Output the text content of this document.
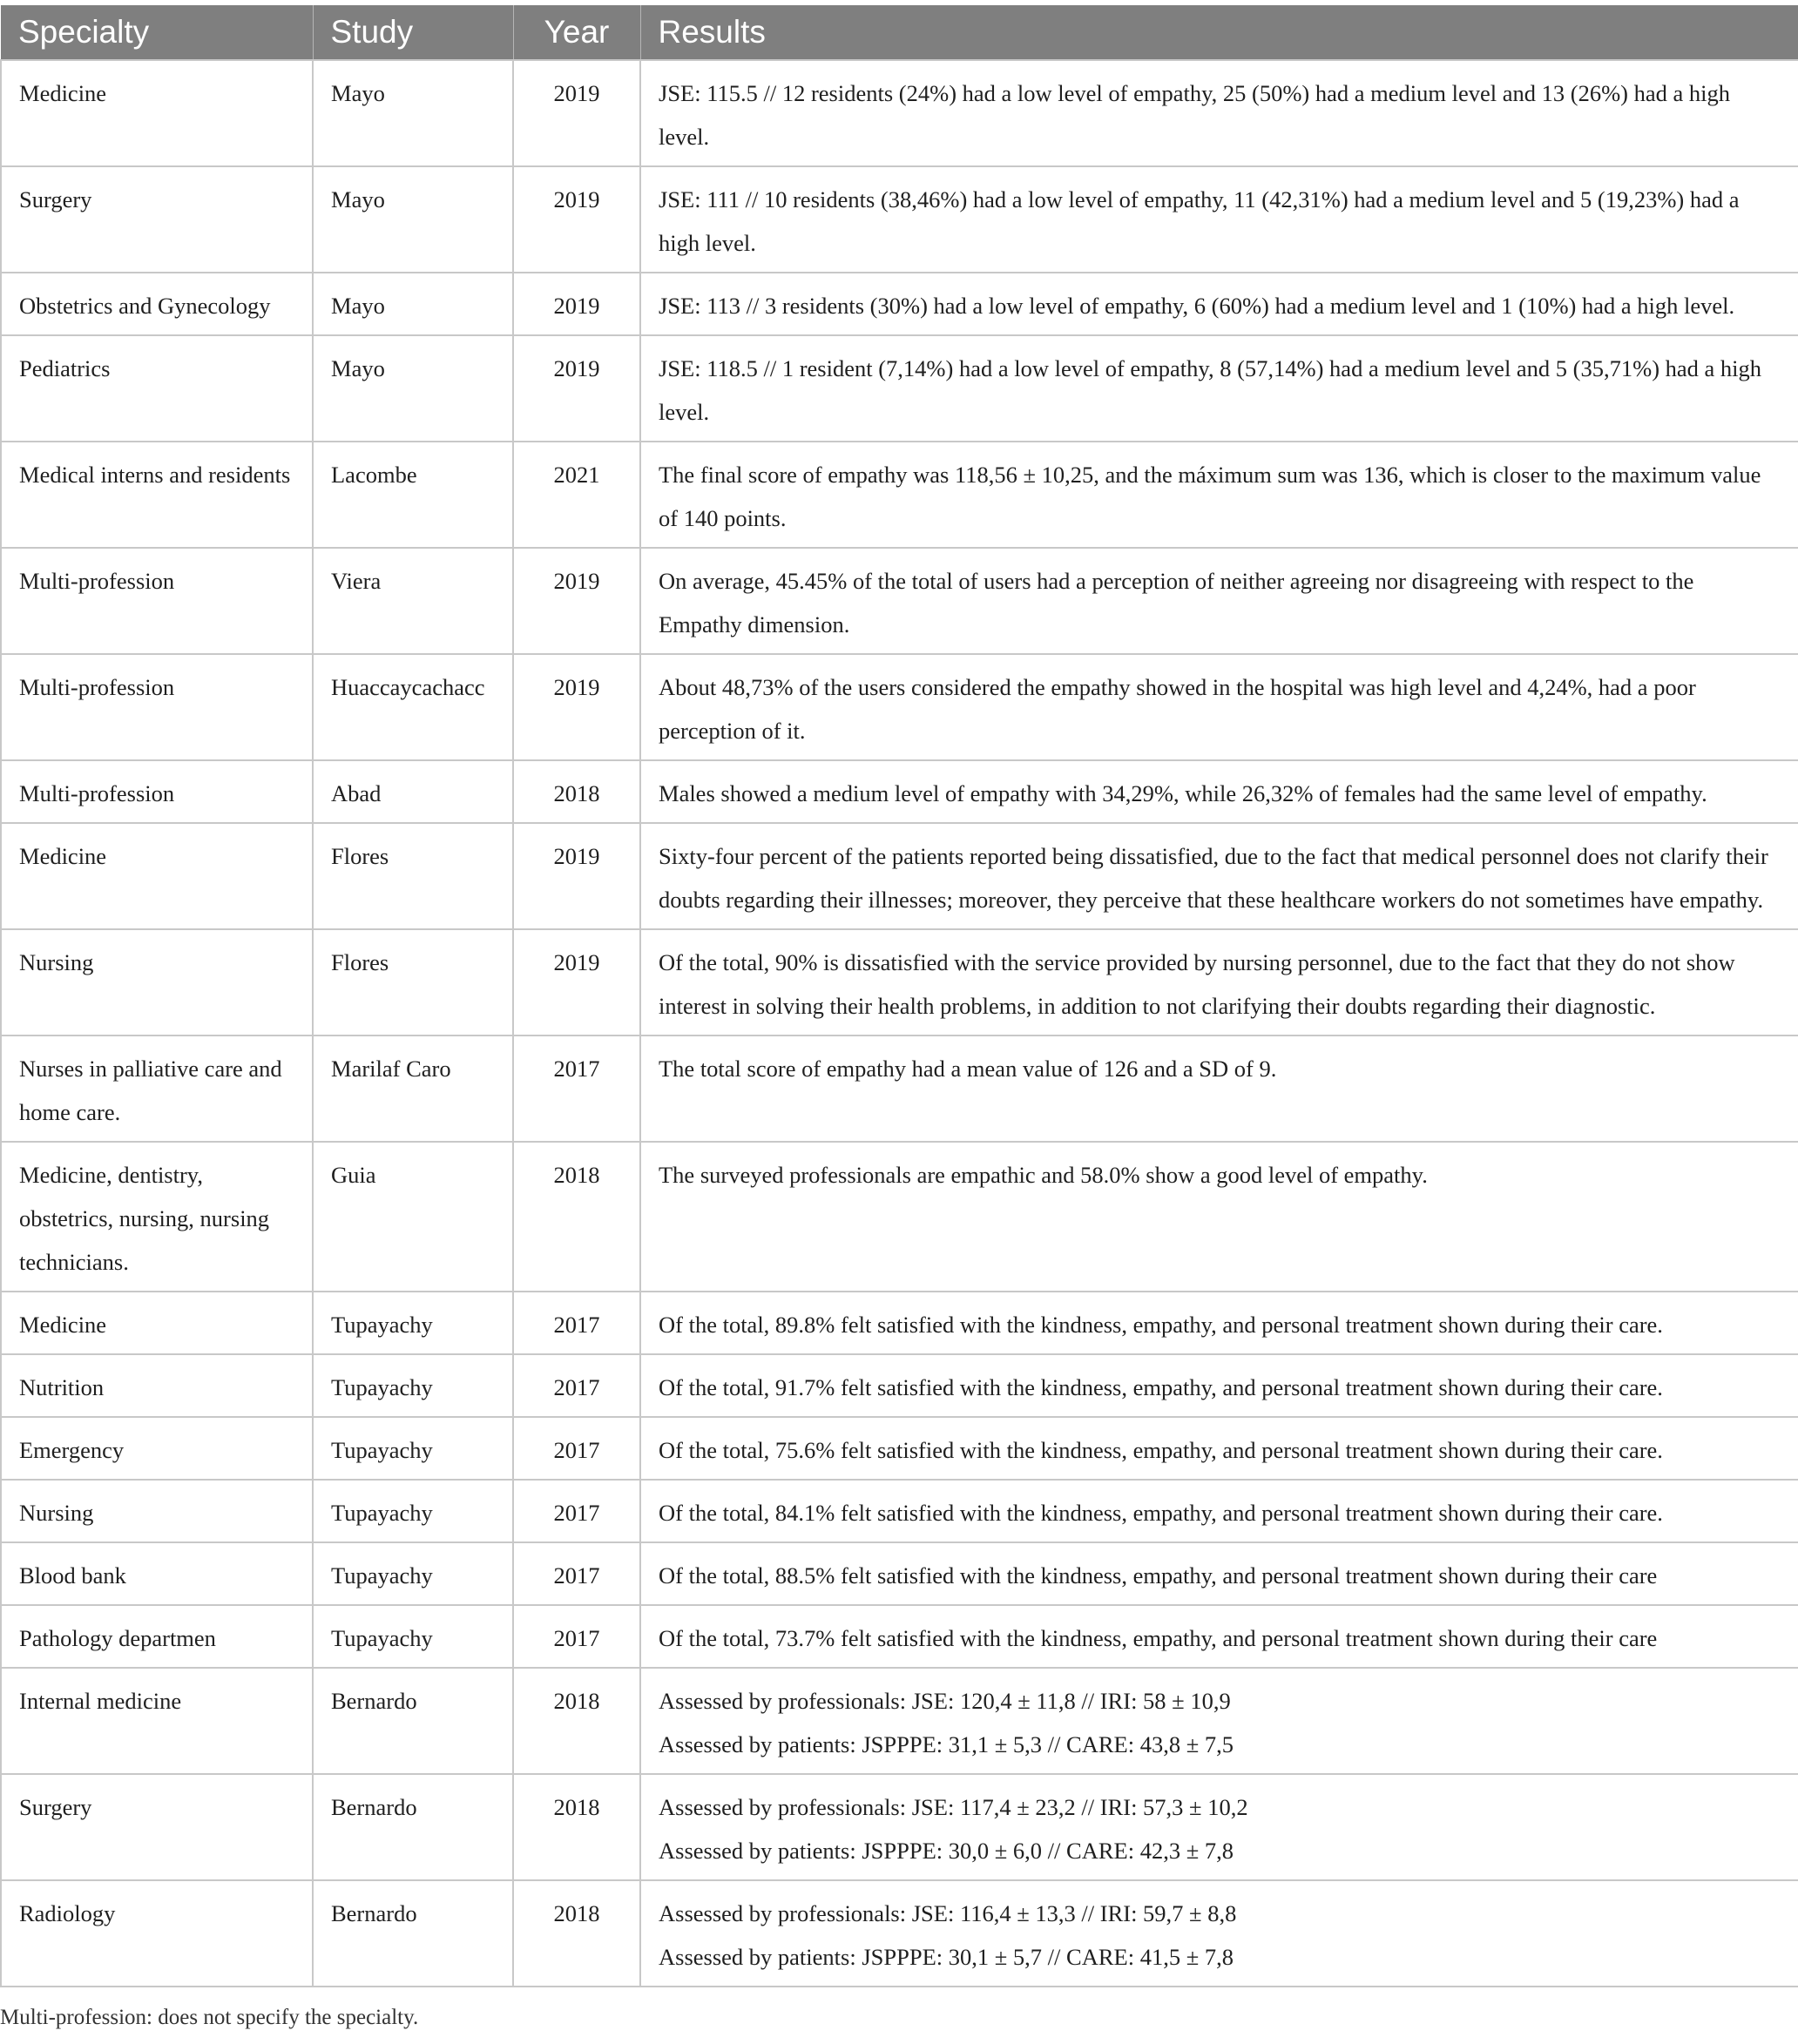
Specialty	Study	Year	Results
Medicine	Mayo	2019	JSE: 115.5 // 12 residents (24%) had a low level of empathy, 25 (50%) had a medium level and 13 (26%) had a high level.

Surgery	Mayo	2019	JSE: 111 // 10 residents (38,46%) had a low level of empathy, 11 (42,31%) had a medium level and 5 (19,23%) had a high level.

Obstetrics and Gynecology	Mayo	2019	JSE: 113 // 3 residents (30%) had a low level of empathy, 6 (60%) had a medium level and 1 (10%) had a high level.

Pediatrics	Mayo	2019	JSE: 118.5 // 1 resident (7,14%) had a low level of empathy, 8 (57,14%) had a medium level and 5 (35,71%) had a high level.

Medical interns and residents	Lacombe	2021	The final score of empathy was 118,56 ± 10,25, and the máximum sum was 136, which is closer to the maximum value of 140 points.

Multi-profession	Viera	2019	On average, 45.45% of the total of users had a perception of neither agreeing nor disagreeing with respect to the Empathy dimension.

Multi-profession	Huaccaycachacc	2019	About 48,73% of the users considered the empathy showed in the hospital was high level and 4,24%, had a poor perception of it.

Multi-profession	Abad	2018	Males showed a medium level of empathy with 34,29%, while 26,32% of females had the same level of empathy.

Medicine	Flores	2019	Sixty-four percent of the patients reported being dissatisfied, due to the fact that medical personnel does not clarify their doubts regarding their illnesses; moreover, they perceive that these healthcare workers do not sometimes have empathy.

Nursing	Flores	2019	Of the total, 90% is dissatisfied with the service provided by nursing personnel, due to the fact that they do not show interest in solving their health problems, in addition to not clarifying their doubts regarding their diagnostic.

Nurses in palliative care and home care.	Marilaf Caro	2017	The total score of empathy had a mean value of 126 and a SD of 9.

Medicine, dentistry, obstetrics, nursing, nursing technicians.	Guia	2018	The surveyed professionals are empathic and 58.0% show a good level of empathy.

Medicine	Tupayachy	2017	Of the total, 89.8% felt satisfied with the kindness, empathy, and personal treatment shown during their care.

Nutrition	Tupayachy	2017	Of the total, 91.7% felt satisfied with the kindness, empathy, and personal treatment shown during their care.

Emergency	Tupayachy	2017	Of the total, 75.6% felt satisfied with the kindness, empathy, and personal treatment shown during their care.

Nursing	Tupayachy	2017	Of the total, 84.1% felt satisfied with the kindness, empathy, and personal treatment shown during their care.

Blood bank	Tupayachy	2017	Of the total, 88.5% felt satisfied with the kindness, empathy, and personal treatment shown during their care

Pathology departmen	Tupayachy	2017	Of the total, 73.7% felt satisfied with the kindness, empathy, and personal treatment shown during their care

Internal medicine	Bernardo	2018	Assessed by professionals: JSE: 120,4 ± 11,8 // IRI: 58 ± 10,9
Assessed by patients: JSPPPE: 31,1 ± 5,3 // CARE: 43,8 ± 7,5

Surgery	Bernardo	2018	Assessed by professionals: JSE: 117,4 ± 23,2 // IRI: 57,3 ± 10,2
Assessed by patients: JSPPPE: 30,0 ± 6,0 // CARE: 42,3 ± 7,8

Radiology	Bernardo	2018	Assessed by professionals: JSE: 116,4 ± 13,3 // IRI: 59,7 ± 8,8
Assessed by patients: JSPPPE: 30,1 ± 5,7 // CARE: 41,5 ± 7,8
Multi-profession: does not specify the specialty.
